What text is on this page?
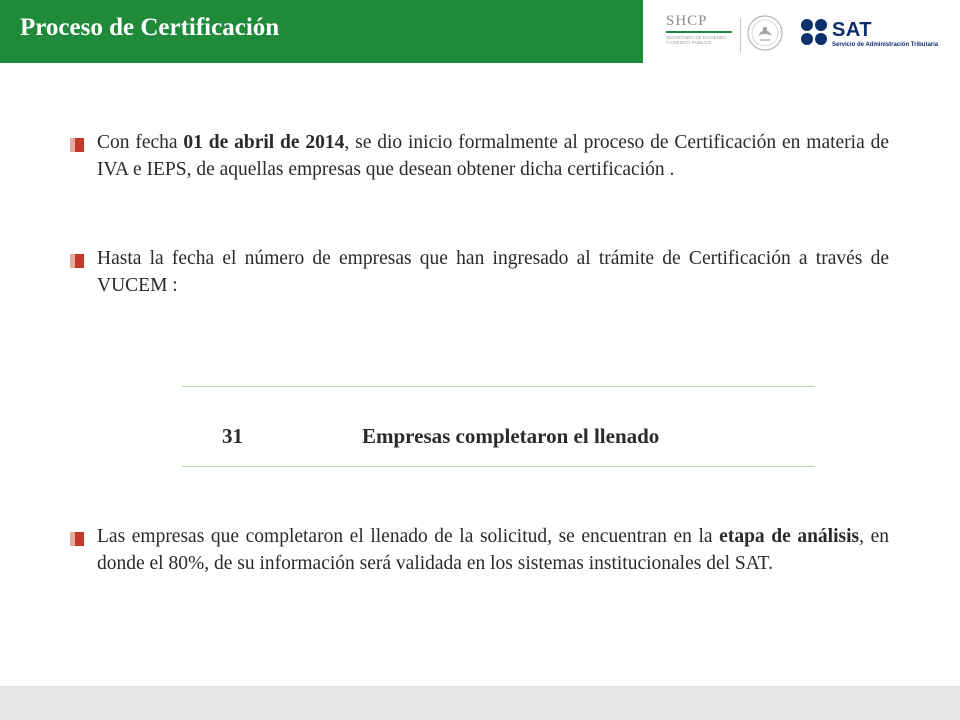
Proceso de Certificación	SHCP
SECRETARÍA DE HACIENDA
Y CRÉDITO PÚBLICO
SAT
Servicio de Administración Tributaria
Con fecha 01 de abril de 2014, se dio inicio formalmente al proceso de Certificación en materia de IVA e IEPS, de aquellas empresas que desean obtener dicha certificación .
Hasta la fecha el número de empresas que han ingresado al trámite de Certificación a través de VUCEM :
31	Empresas completaron el llenado
Las empresas que completaron el llenado de la solicitud, se encuentran en la etapa de análisis, en donde el 80%, de su información será validada en los sistemas institucionales del SAT.
